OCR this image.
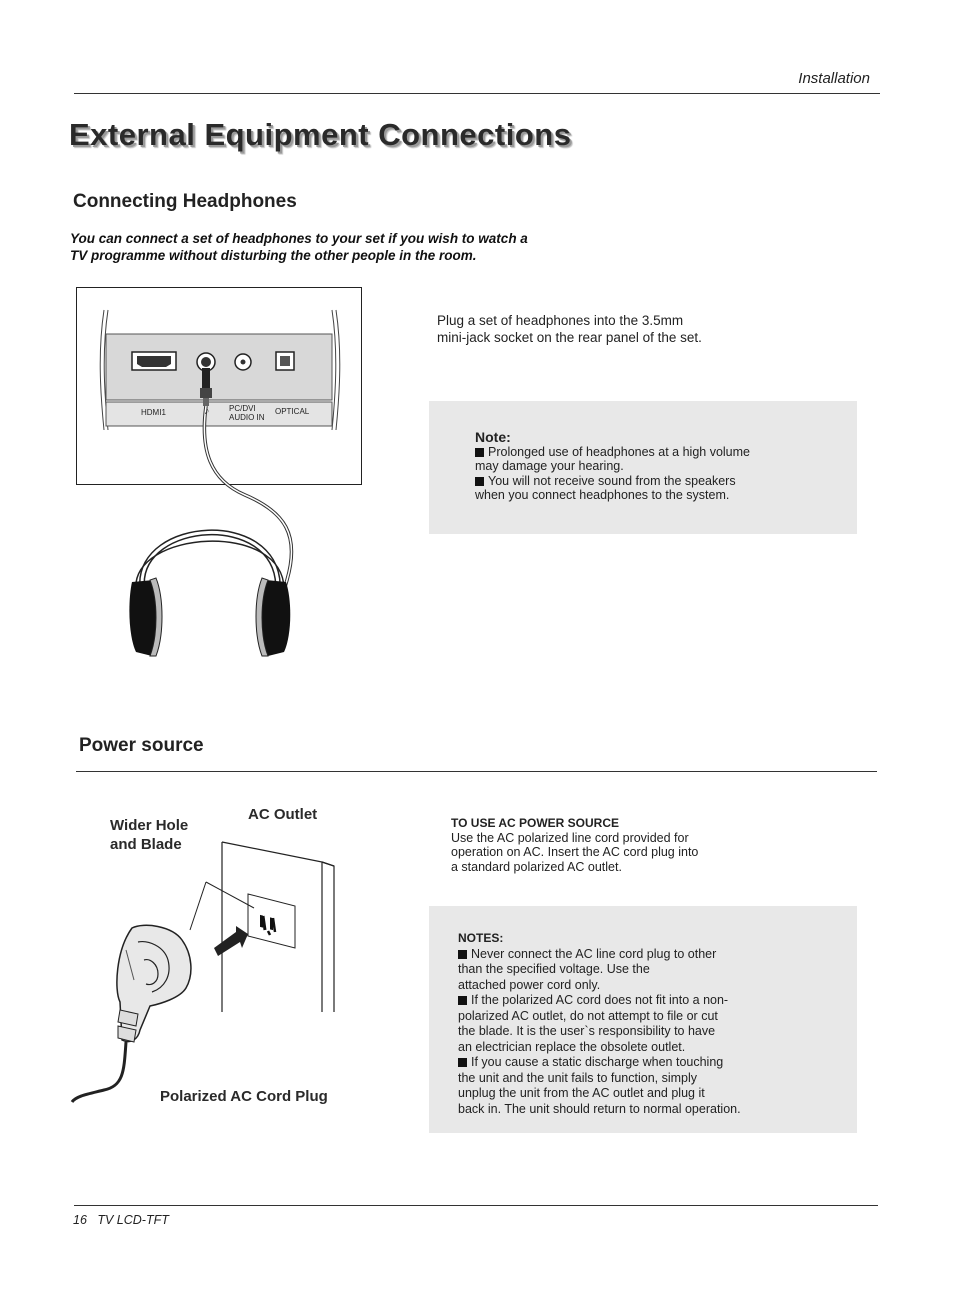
Installation
External Equipment Connections
Connecting Headphones
You can connect a set of headphones to your set if you wish to watch a
TV programme without disturbing the other people in the room.
HDMI1	♪ PC/DVI
AUDIO IN
OPTICAL
Plug a set of headphones into the 3.5mm
mini-jack socket on the rear panel of the set.
Note:
Prolonged use of headphones at a high volume
may damage your hearing.
You will not receive sound from the speakers
when you connect headphones to the system.
Power source
Wider Hole
and Blade
AC Outlet
Polarized AC Cord Plug
TO USE AC POWER SOURCE
Use the AC polarized line cord provided for
operation on AC. Insert the AC cord plug into
a standard polarized AC outlet.
NOTES:
Never connect the AC line cord plug to other
than the specified voltage. Use the
attached power cord only.
If the polarized AC cord does not fit into a non-
polarized AC outlet, do not attempt to file or cut
the blade. It is the user`s responsibility to have
an electrician replace the obsolete outlet.
If you cause a static discharge when touching
the unit and the unit fails to function, simply
unplug the unit from the AC outlet and plug it
back in. The unit should return to normal operation.
16 TV LCD-TFT
